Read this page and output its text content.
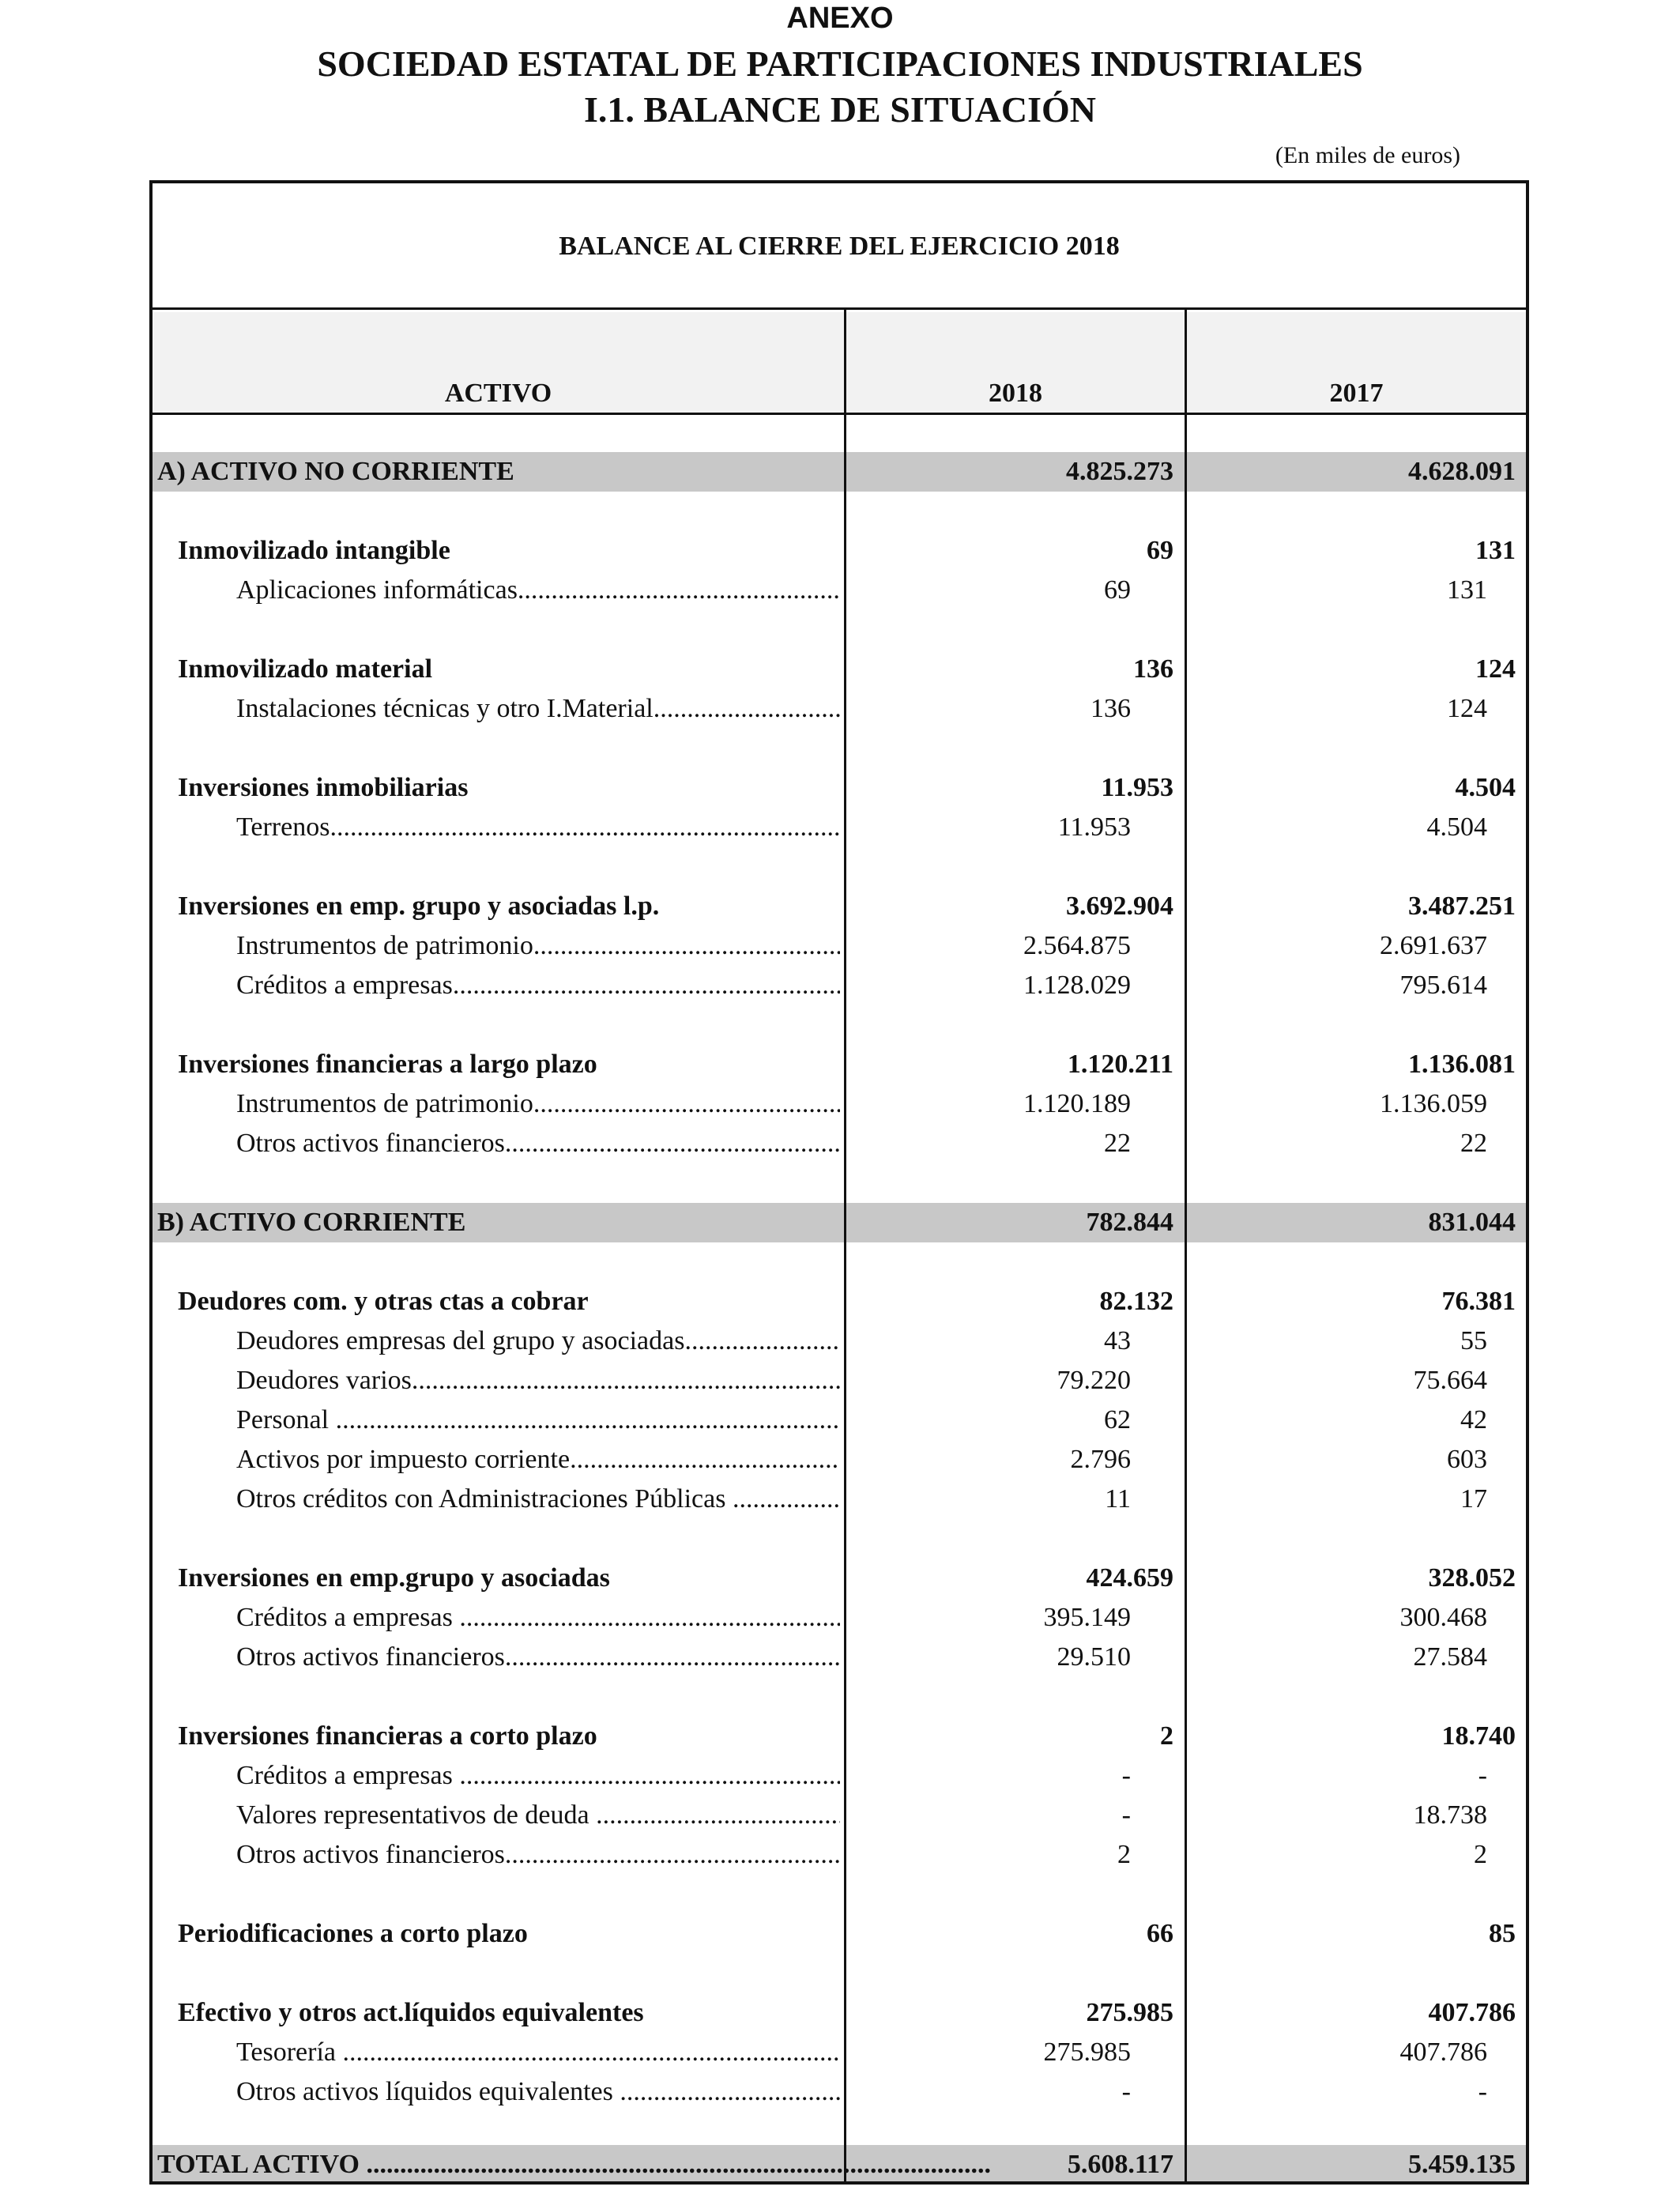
ANEXO
SOCIEDAD ESTATAL DE PARTICIPACIONES INDUSTRIALES
I.1. BALANCE DE SITUACIÓN
(En miles de euros)
BALANCE AL CIERRE DEL EJERCICIO 2018
ACTIVO	2018	2017
A) ACTIVO NO CORRIENTE	4.825.273	4.628.091
Inmovilizado intangible	69	131
Aplicaciones informáticas .....	69	131
Inmovilizado material	136	124
Instalaciones técnicas y otro I.Material .....	136	124
Inversiones inmobiliarias	11.953	4.504
Terrenos .....	11.953	4.504
Inversiones en emp. grupo y asociadas l.p.	3.692.904	3.487.251
Instrumentos de patrimonio .....	2.564.875	2.691.637
Créditos a empresas .....	1.128.029	795.614
Inversiones financieras a largo plazo	1.120.211	1.136.081
Instrumentos de patrimonio .....	1.120.189	1.136.059
Otros activos financieros .....	22	22
B) ACTIVO CORRIENTE	782.844	831.044
Deudores com. y otras ctas a cobrar	82.132	76.381
Deudores empresas del grupo y asociadas .....	43	55
Deudores varios .....	79.220	75.664
Personal .....	62	42
Activos por impuesto corriente .....	2.796	603
Otros créditos con Administraciones Públicas .....	11	17
Inversiones en emp.grupo y asociadas	424.659	328.052
Créditos a empresas .....	395.149	300.468
Otros activos financieros .....	29.510	27.584
Inversiones financieras a corto plazo	2	18.740
Créditos a empresas .....	-	-
Valores representativos de deuda .....	-	18.738
Otros activos financieros .....	2	2
Periodificaciones a corto plazo	66	85
Efectivo y otros act.líquidos equivalentes	275.985	407.786
Tesorería .....	275.985	407.786
Otros activos líquidos equivalentes .....	-	-
TOTAL ACTIVO .....	5.608.117	5.459.135
